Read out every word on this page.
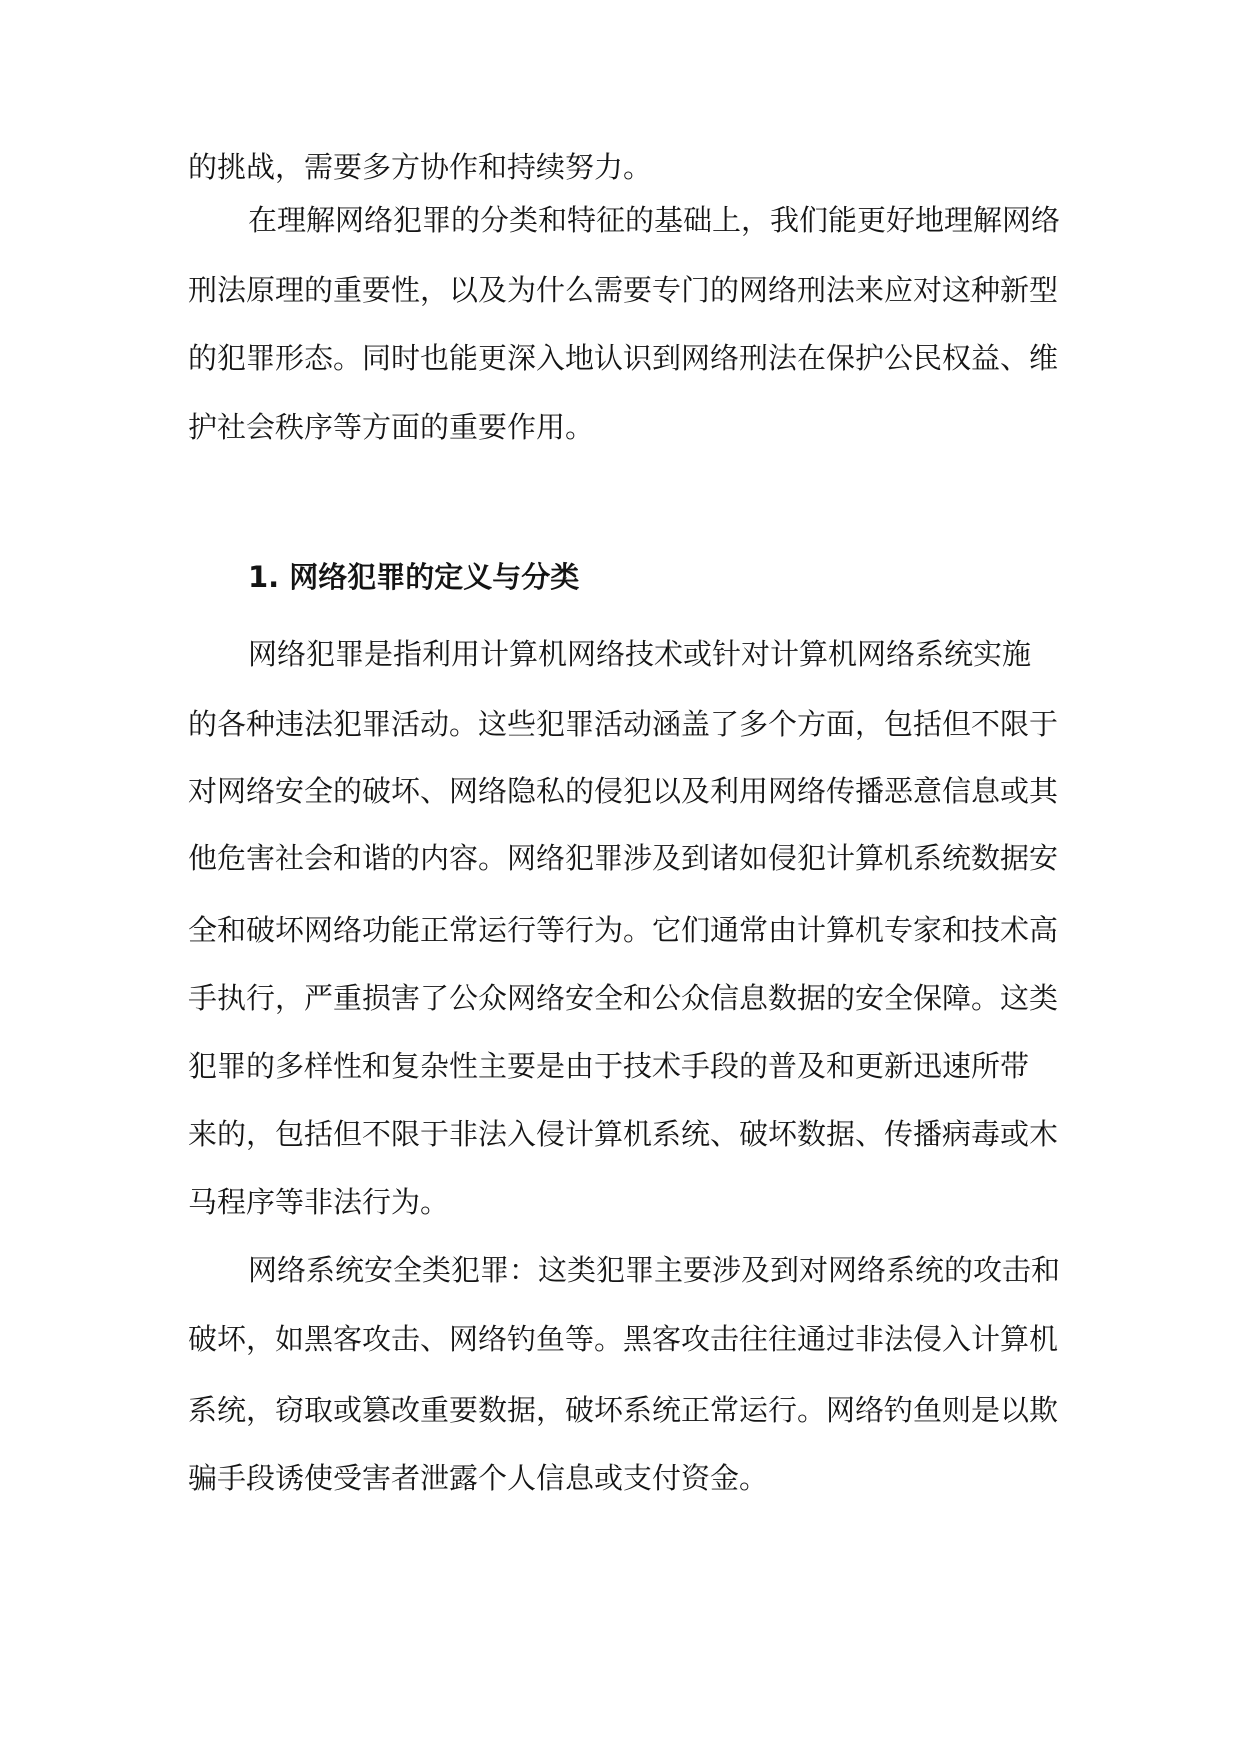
的挑战，需要多方协作和持续努力。
在理解网络犯罪的分类和特征的基础上，我们能更好地理解网络
刑法原理的重要性，以及为什么需要专门的网络刑法来应对这种新型
的犯罪形态。同时也能更深入地认识到网络刑法在保护公民权益、维
护社会秩序等方面的重要作用。
1. 网络犯罪的定义与分类
网络犯罪是指利用计算机网络技术或针对计算机网络系统实施
的各种违法犯罪活动。这些犯罪活动涵盖了多个方面，包括但不限于
对网络安全的破坏、网络隐私的侵犯以及利用网络传播恶意信息或其
他危害社会和谐的内容。网络犯罪涉及到诸如侵犯计算机系统数据安
全和破坏网络功能正常运行等行为。它们通常由计算机专家和技术高
手执行，严重损害了公众网络安全和公众信息数据的安全保障。这类
犯罪的多样性和复杂性主要是由于技术手段的普及和更新迅速所带
来的，包括但不限于非法入侵计算机系统、破坏数据、传播病毒或木
马程序等非法行为。
网络系统安全类犯罪：这类犯罪主要涉及到对网络系统的攻击和
破坏，如黑客攻击、网络钓鱼等。黑客攻击往往通过非法侵入计算机
系统，窃取或篡改重要数据，破坏系统正常运行。网络钓鱼则是以欺
骗手段诱使受害者泄露个人信息或支付资金。
